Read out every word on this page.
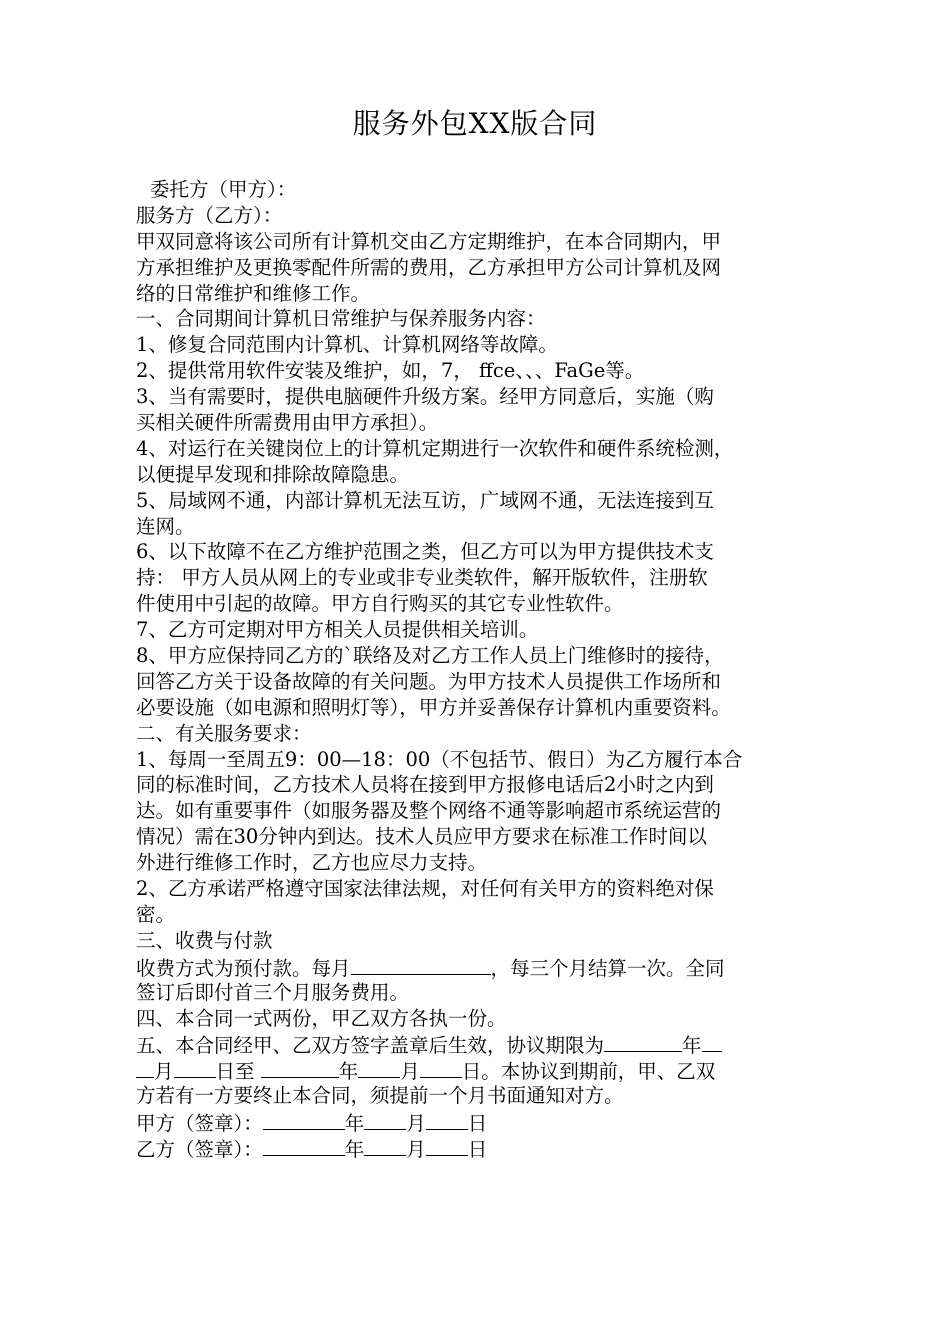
服务外包XX版合同
委托方（甲方）：
服务方（乙方）：
甲双同意将该公司所有计算机交由乙方定期维护，在本合同期内，甲
方承担维护及更换零配件所需的费用，乙方承担甲方公司计算机及网
络的日常维护和维修工作。
一、合同期间计算机日常维护与保养服务内容：
1、修复合同范围内计算机、计算机网络等故障。
2、提供常用软件安装及维护，如，7， ffce、、、FaGe等。
3、当有需要时，提供电脑硬件升级方案。经甲方同意后，实施（购
买相关硬件所需费用由甲方承担）。
4、对运行在关键岗位上的计算机定期进行一次软件和硬件系统检测，
以便提早发现和排除故障隐患。
5、局域网不通，内部计算机无法互访，广域网不通，无法连接到互
连网。
6、以下故障不在乙方维护范围之类，但乙方可以为甲方提供技术支
持： 甲方人员从网上的专业或非专业类软件，解开版软件，注册软
件使用中引起的故障。甲方自行购买的其它专业性软件。
7、乙方可定期对甲方相关人员提供相关培训。
8、甲方应保持同乙方的`联络及对乙方工作人员上门维修时的接待，
回答乙方关于设备故障的有关问题。为甲方技术人员提供工作场所和
必要设施（如电源和照明灯等），甲方并妥善保存计算机内重要资料。
二、有关服务要求：
1、每周一至周五9：00—18：00（不包括节、假日）为乙方履行本合
同的标准时间，乙方技术人员将在接到甲方报修电话后2小时之内到
达。如有重要事件（如服务器及整个网络不通等影响超市系统运营的
情况）需在30分钟内到达。技术人员应甲方要求在标准工作时间以
外进行维修工作时，乙方也应尽力支持。
2、乙方承诺严格遵守国家法律法规，对任何有关甲方的资料绝对保
密。
三、收费与付款
收费方式为预付款。每月	，每三个月结算一次。全同
签订后即付首三个月服务费用。
四、本合同一式两份，甲乙双方各执一份。
五、本合同经甲、乙双方签字盖章后生效，协议期限为	年
月 日至	年 月 日。本协议到期前，甲、乙双
方若有一方要终止本合同，须提前一个月书面通知对方。
甲方（签章）：	年 月 日
乙方（签章）：	年 月 日
